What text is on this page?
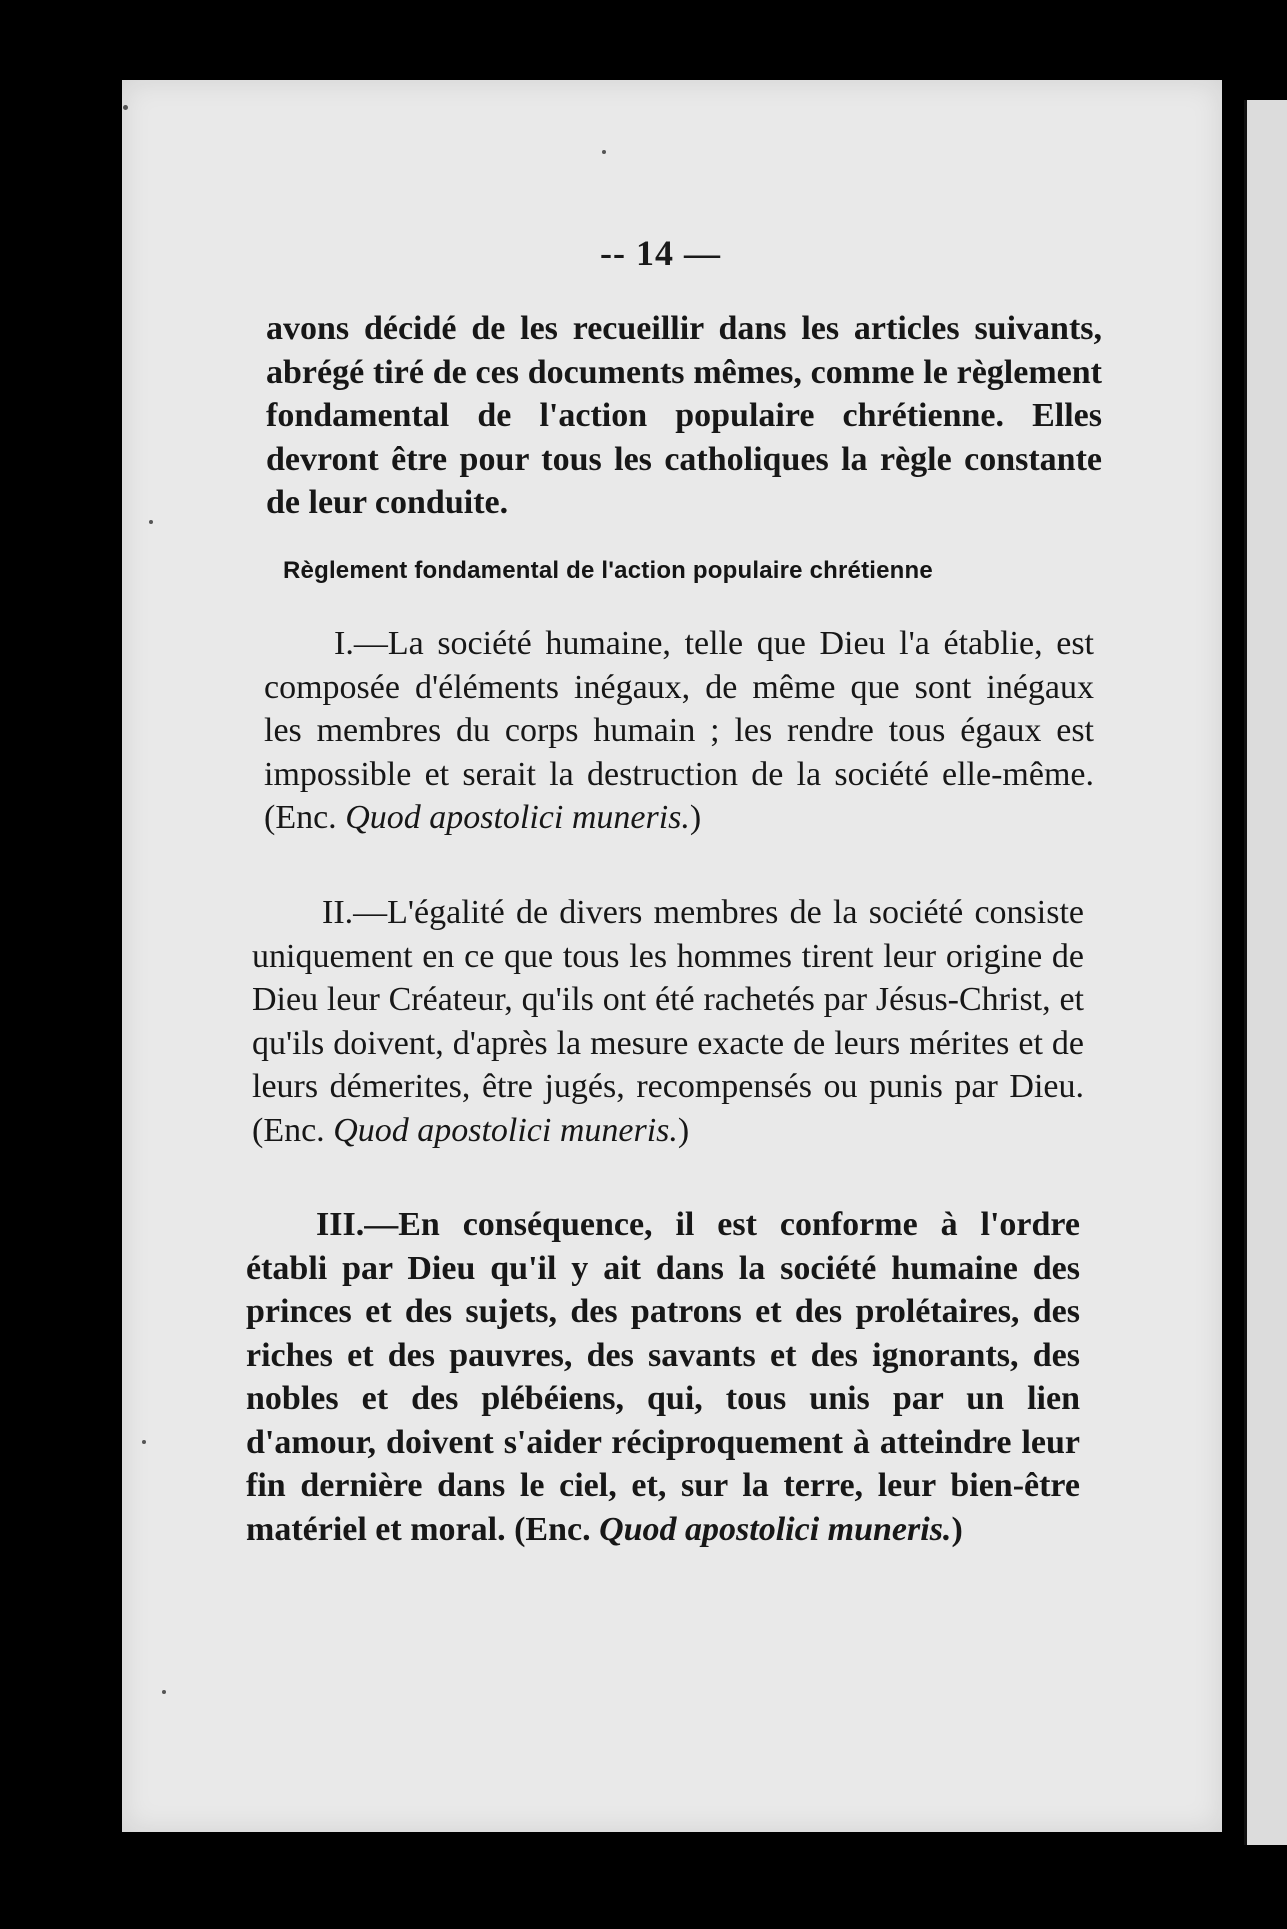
-- 14 —

avons décidé de les recueillir dans les articles suivants, abrégé tiré de ces documents mêmes, comme le règlement fondamental de l'action populaire chrétienne. Elles devront être pour tous les catholiques la règle constante de leur conduite.

Règlement fondamental de l'action populaire chrétienne

I.—La société humaine, telle que Dieu l'a établie, est composée d'éléments inégaux, de même que sont inégaux les membres du corps humain ; les rendre tous égaux est impossible et serait la destruction de la société elle-même. (Enc. Quod apostolici muneris.)

II.—L'égalité de divers membres de la société consiste uniquement en ce que tous les hommes tirent leur origine de Dieu leur Créateur, qu'ils ont été rachetés par Jésus-Christ, et qu'ils doivent, d'après la mesure exacte de leurs mérites et de leurs démerites, être jugés, recompensés ou punis par Dieu. (Enc. Quod apostolici muneris.)

III.—En conséquence, il est conforme à l'ordre établi par Dieu qu'il y ait dans la société humaine des princes et des sujets, des patrons et des prolétaires, des riches et des pauvres, des savants et des ignorants, des nobles et des plébéiens, qui, tous unis par un lien d'amour, doivent s'aider réciproquement à atteindre leur fin dernière dans le ciel, et, sur la terre, leur bien-être matériel et moral. (Enc. Quod apostolici muneris.)
